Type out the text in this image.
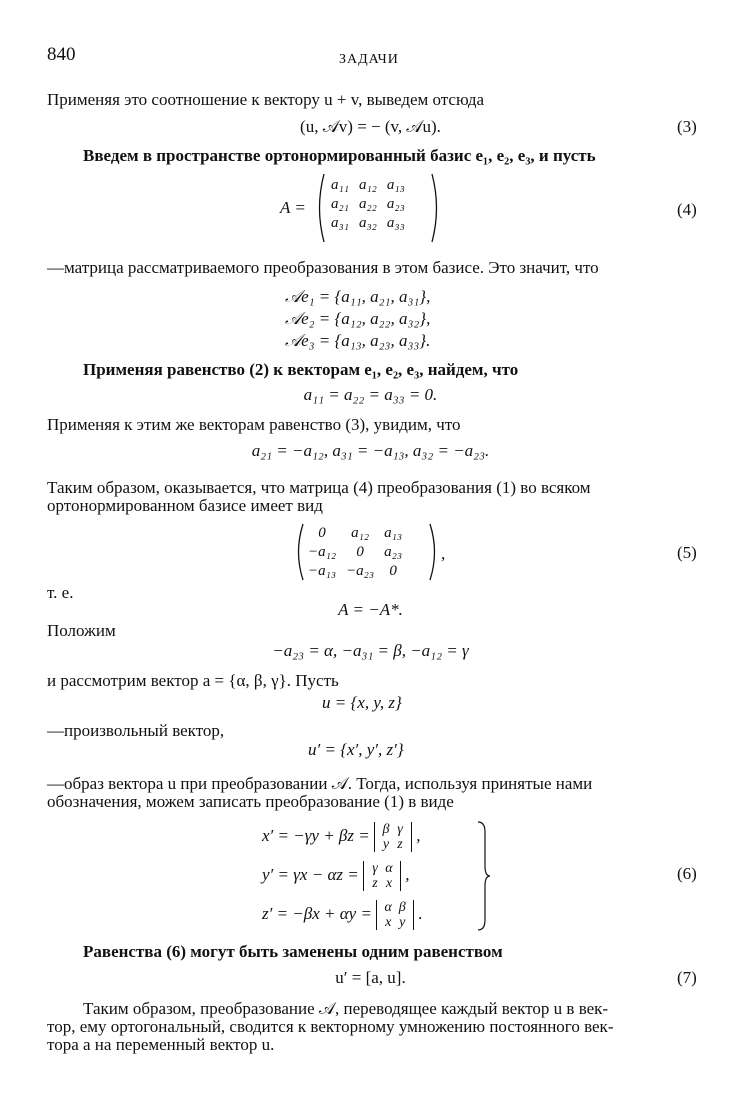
840	ЗАДАЧИ
Применяя это соотношение к вектору u + v, выведем отсюда
(u, 𝒜v) = − (v, 𝒜u).	(3)
Введем в пространстве ортонормированный базис e₁, e₂, e₃, и пусть
A =
a₁₁	a₁₂	a₁₃
a₂₁	a₂₂	a₂₃
a₃₁	a₃₂	a₃₃
(4)
—матрица рассматриваемого преобразования в этом базисе. Это значит, что
𝒜e₁ = {a₁₁, a₂₁, a₃₁},
𝒜e₂ = {a₁₂, a₂₂, a₃₂},
𝒜e₃ = {a₁₃, a₂₃, a₃₃}.
Применяя равенство (2) к векторам e₁, e₂, e₃, найдем, что
a₁₁ = a₂₂ = a₃₃ = 0.
Применяя к этим же векторам равенство (3), увидим, что
a₂₁ = −a₁₂, a₃₁ = −a₁₃, a₃₂ = −a₂₃.
Таким образом, оказывается, что матрица (4) преобразования (1) во всяком
ортонормированном базисе имеет вид
0	a₁₂	a₁₃
−a₁₂	0	a₂₃
−a₁₃	−a₂₃	0
,	(5)
т. е.
A = −A*.
Положим
−a₂₃ = α, −a₃₁ = β, −a₁₂ = γ
и рассмотрим вектор a = {α, β, γ}. Пусть
u = {x, y, z}
—произвольный вектор,
u′ = {x′, y′, z′}
—образ вектора u при преобразовании 𝒜. Тогда, используя принятые нами
обозначения, можем записать преобразование (1) в виде
x′ = −γy + βz = β γ
y z ,
y′ = γx − αz = γ α
z x ,
z′ = −βx + αy = α β
x y .
(6)
Равенства (6) могут быть заменены одним равенством
u′ = [a, u].	(7)
Таким образом, преобразование 𝒜, переводящее каждый вектор u в век-
тор, ему ортогональный, сводится к векторному умножению постоянного век-
тора a на переменный вектор u.
